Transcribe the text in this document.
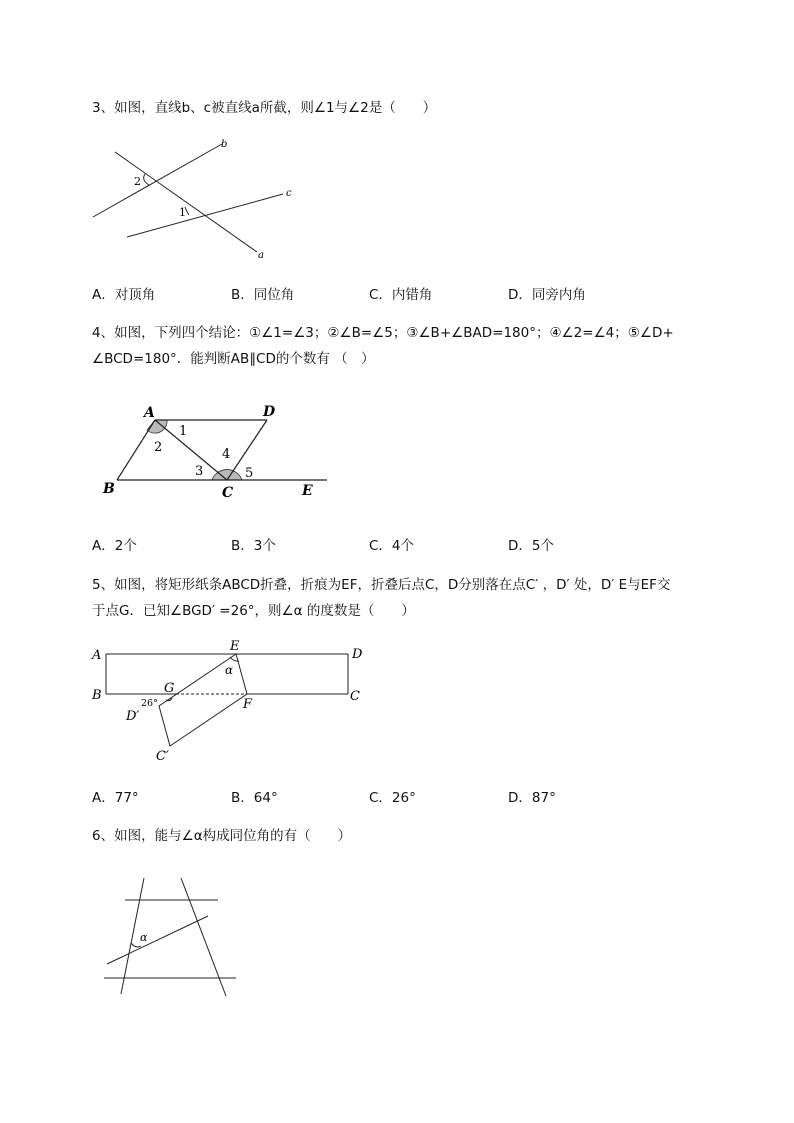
3、如图，直线b、c被直线a所截，则∠1与∠2是（　　）
b
c
a
2
1
A．对顶角	B．同位角	C．内错角	D．同旁内角
4、如图，下列四个结论：①∠1=∠3；②∠B=∠5；③∠B+∠BAD=180°；④∠2=∠4；⑤∠D+
∠BCD=180°．能判断AB∥CD的个数有 （　）
A	D
B	C	E
1
2
3
4
5
A．2个	B．3个	C．4个	D．5个
5、如图，将矩形纸条ABCD折叠，折痕为EF，折叠后点C，D分别落在点C′ ，D′ 处，D′ E与EF交
于点G．已知∠BGD′ =26°，则∠α 的度数是（　　）
A	D
B	C
E
F
G
D′
C′
α
26°
A．77°	B．64°	C．26°	D．87°
6、如图，能与∠α构成同位角的有（　　）
α
